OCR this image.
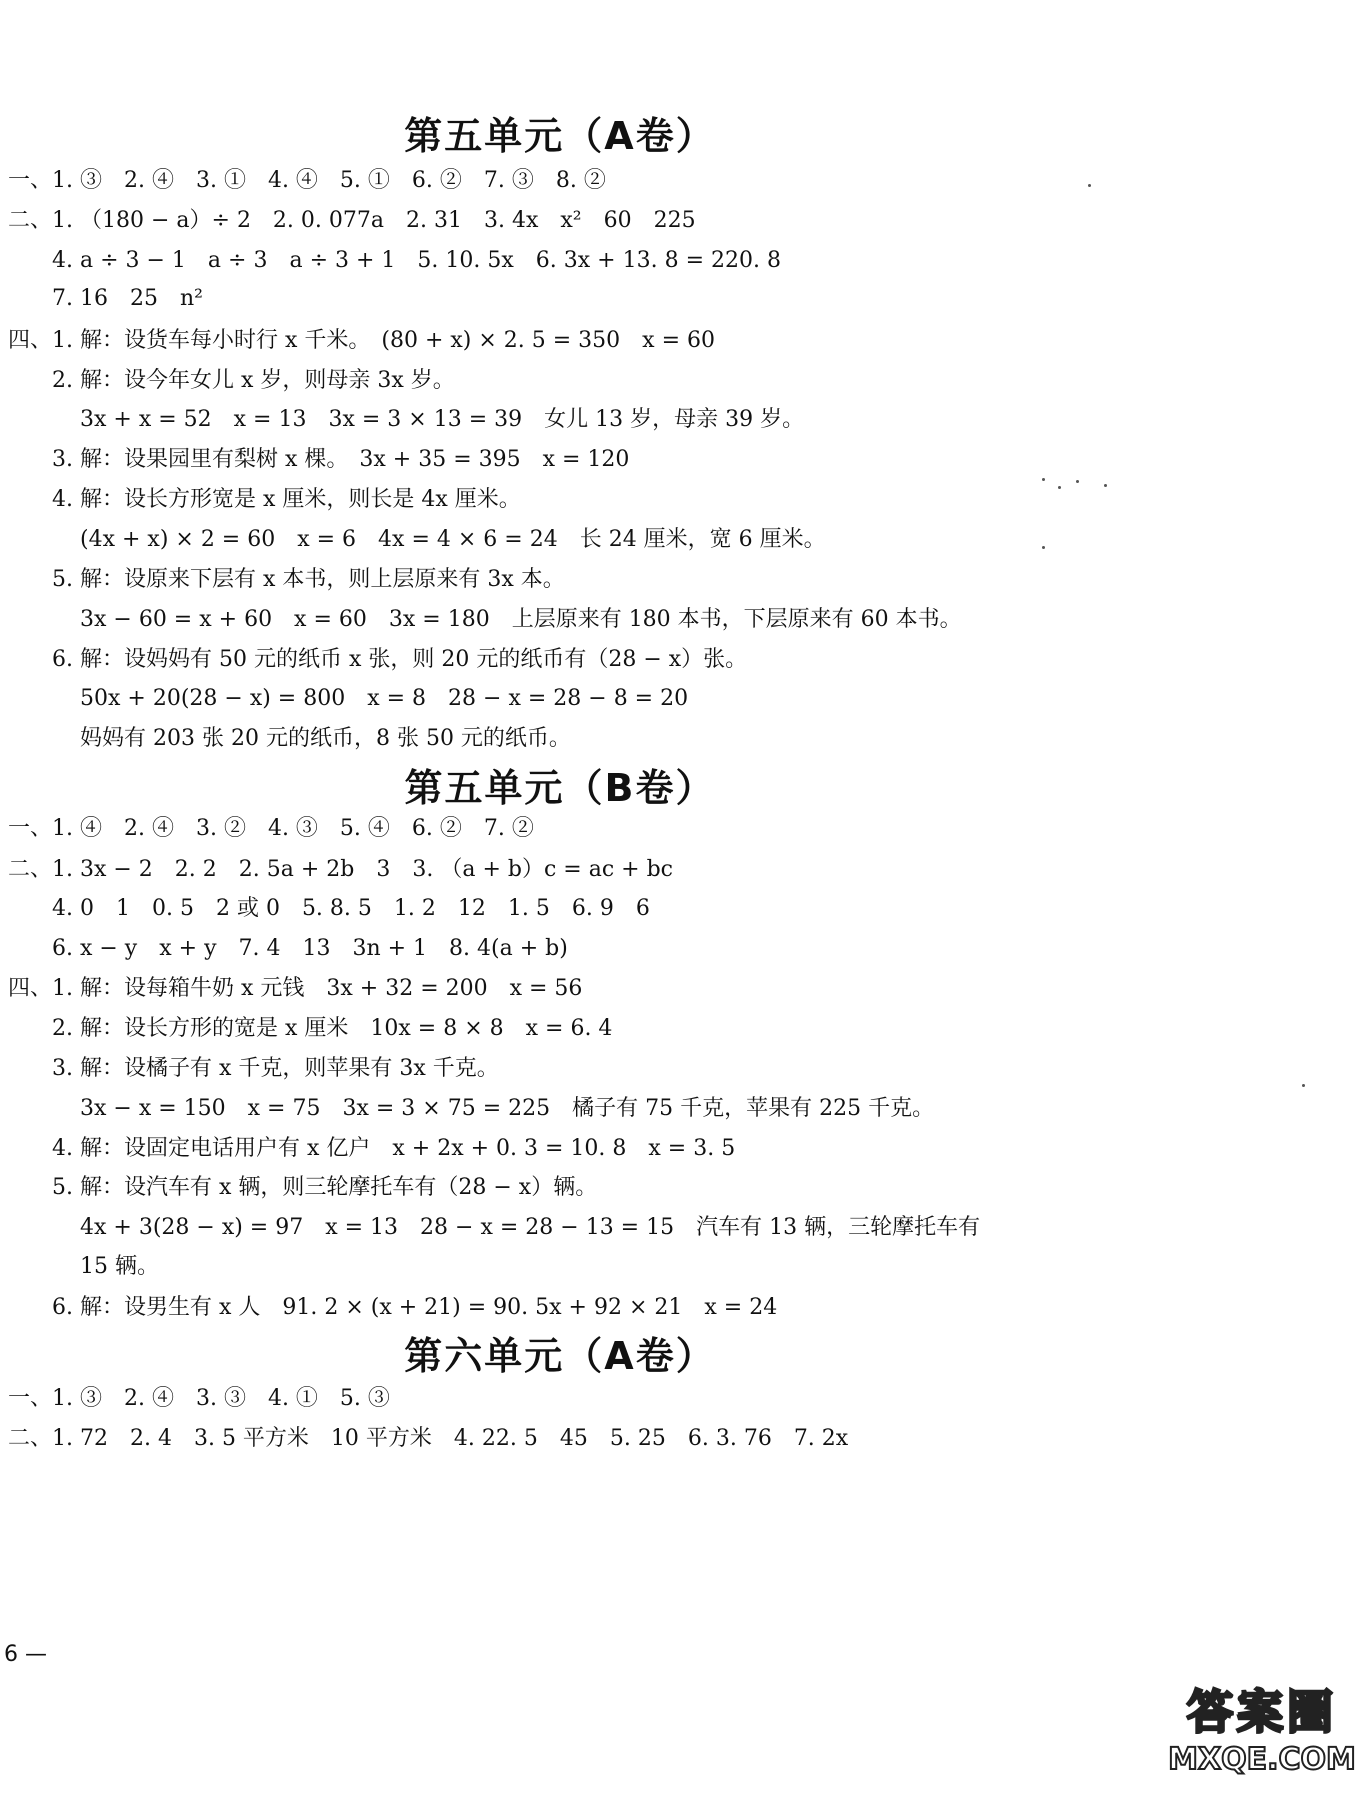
第五单元（A卷）
一、1. ③　2. ④　3. ①　4. ④　5. ①　6. ②　7. ③　8. ②
二、1. （180 − a）÷ 2　2. 0. 077a　2. 31　3. 4x　x²　60　225
4. a ÷ 3 − 1　a ÷ 3　a ÷ 3 + 1　5. 10. 5x　6. 3x + 13. 8 = 220. 8
7. 16　25　n²
四、1. 解：设货车每小时行 x 千米。　(80 + x) × 2. 5 = 350　x = 60
2. 解：设今年女儿 x 岁，则母亲 3x 岁。
3x + x = 52　x = 13　3x = 3 × 13 = 39　女儿 13 岁，母亲 39 岁。
3. 解：设果园里有梨树 x 棵。　3x + 35 = 395　x = 120
4. 解：设长方形宽是 x 厘米，则长是 4x 厘米。
(4x + x) × 2 = 60　x = 6　4x = 4 × 6 = 24　长 24 厘米，宽 6 厘米。
5. 解：设原来下层有 x 本书，则上层原来有 3x 本。
3x − 60 = x + 60　x = 60　3x = 180　上层原来有 180 本书，下层原来有 60 本书。
6. 解：设妈妈有 50 元的纸币 x 张，则 20 元的纸币有（28 − x）张。
50x + 20(28 − x) = 800　x = 8　28 − x = 28 − 8 = 20
妈妈有 203 张 20 元的纸币，8 张 50 元的纸币。
第五单元（B卷）
一、1. ④　2. ④　3. ②　4. ③　5. ④　6. ②　7. ②
二、1. 3x − 2　2. 2　2. 5a + 2b　3　3. （a + b）c = ac + bc
4. 0　1　0. 5　2 或 0　5. 8. 5　1. 2　12　1. 5　6. 9　6
6. x − y　x + y　7. 4　13　3n + 1　8. 4(a + b)
四、1. 解：设每箱牛奶 x 元钱　3x + 32 = 200　x = 56
2. 解：设长方形的宽是 x 厘米　10x = 8 × 8　x = 6. 4
3. 解：设橘子有 x 千克，则苹果有 3x 千克。
3x − x = 150　x = 75　3x = 3 × 75 = 225　橘子有 75 千克，苹果有 225 千克。
4. 解：设固定电话用户有 x 亿户　x + 2x + 0. 3 = 10. 8　x = 3. 5
5. 解：设汽车有 x 辆，则三轮摩托车有（28 − x）辆。
4x + 3(28 − x) = 97　x = 13　28 − x = 28 − 13 = 15　汽车有 13 辆，三轮摩托车有
15 辆。
6. 解：设男生有 x 人　91. 2 × (x + 21) = 90. 5x + 92 × 21　x = 24
第六单元（A卷）
一、1. ③　2. ④　3. ③　4. ①　5. ③
二、1. 72　2. 4　3. 5 平方米　10 平方米　4. 22. 5　45　5. 25　6. 3. 76　7. 2x
6 —
答案圈
MXQE.COM
